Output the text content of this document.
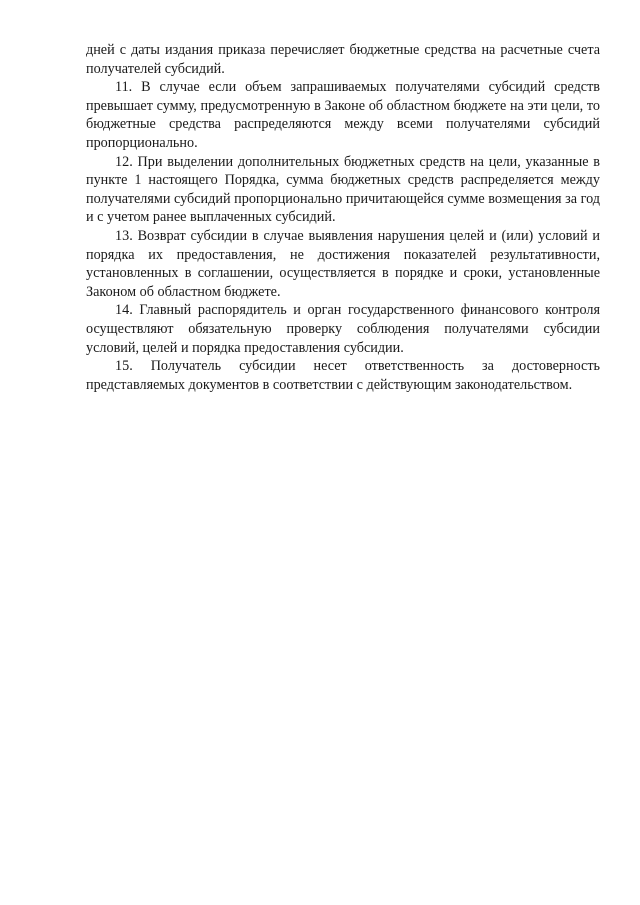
дней с даты издания приказа перечисляет бюджетные средства на расчетные счета получателей субсидий.

11. В случае если объем запрашиваемых получателями субсидий средств превышает сумму, предусмотренную в Законе об областном бюджете на эти цели, то бюджетные средства распределяются между всеми получателями субсидий пропорционально.

12. При выделении дополнительных бюджетных средств на цели, указанные в пункте 1 настоящего Порядка, сумма бюджетных средств распределяется между получателями субсидий пропорционально причитающейся сумме возмещения за год и с учетом ранее выплаченных субсидий.

13. Возврат субсидии в случае выявления нарушения целей и (или) условий и порядка их предоставления, не достижения показателей результативности, установленных в соглашении, осуществляется в порядке и сроки, установленные Законом об областном бюджете.

14. Главный распорядитель и орган государственного финансового контроля осуществляют обязательную проверку соблюдения получателями субсидии условий, целей и порядка предоставления субсидии.

15. Получатель субсидии несет ответственность за достоверность представляемых документов в соответствии с действующим законодательством.
